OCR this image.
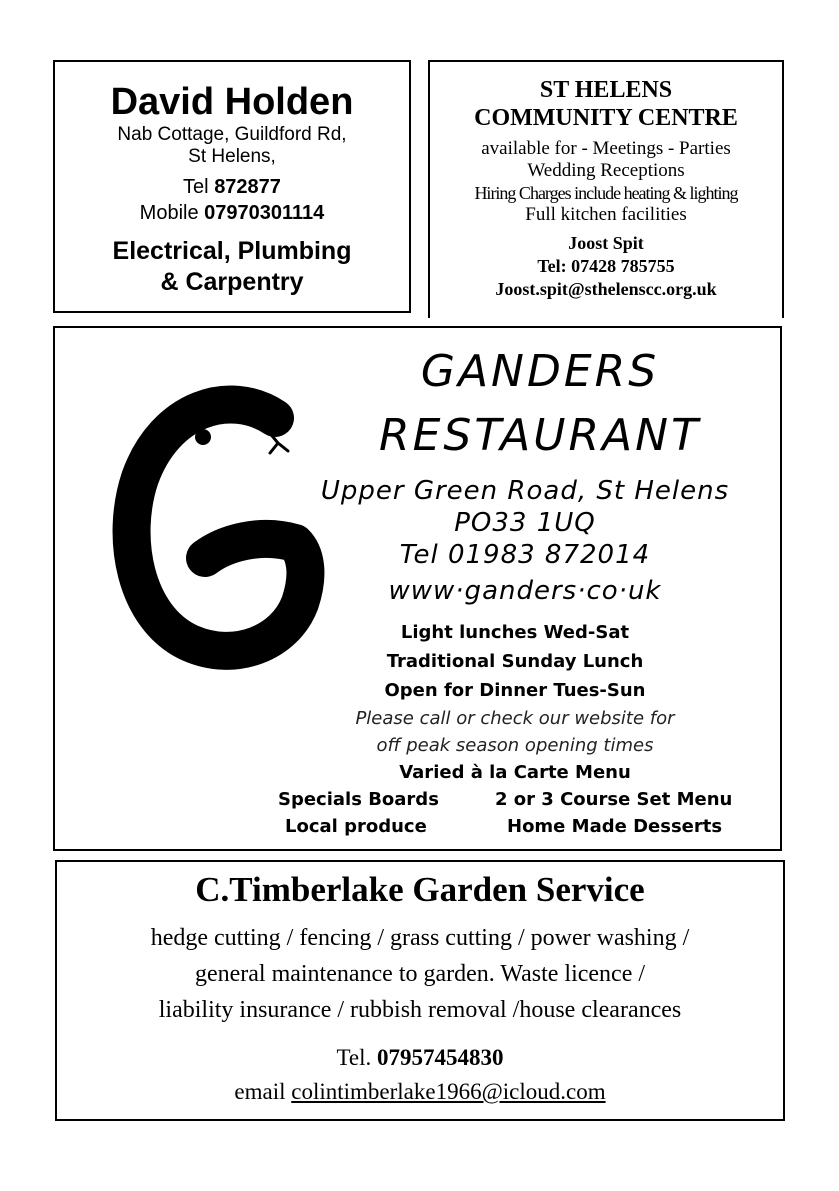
David Holden
Nab Cottage, Guildford Rd,
St Helens,
Tel 872877
Mobile 07970301114
Electrical, Plumbing
& Carpentry
ST HELENS
COMMUNITY CENTRE
available for - Meetings - Parties
Wedding Receptions
Hiring Charges include heating & lighting
Full kitchen facilities
Joost Spit
Tel: 07428 785755
Joost.spit@sthelenscc.org.uk
GANDERS
RESTAURANT
Upper Green Road, St Helens
PO33 1UQ
Tel 01983 872014
www·ganders·co·uk
Light lunches Wed-Sat
Traditional Sunday Lunch
Open for Dinner Tues-Sun
Please call or check our website for
off peak season opening times
Varied à la Carte Menu
Specials Boards	2 or 3 Course Set Menu
Local produce	Home Made Desserts
C.Timberlake Garden Service
hedge cutting / fencing / grass cutting / power washing /
general maintenance to garden. Waste licence /
liability insurance / rubbish removal /house clearances
Tel. 07957454830
email colintimberlake1966@icloud.com
